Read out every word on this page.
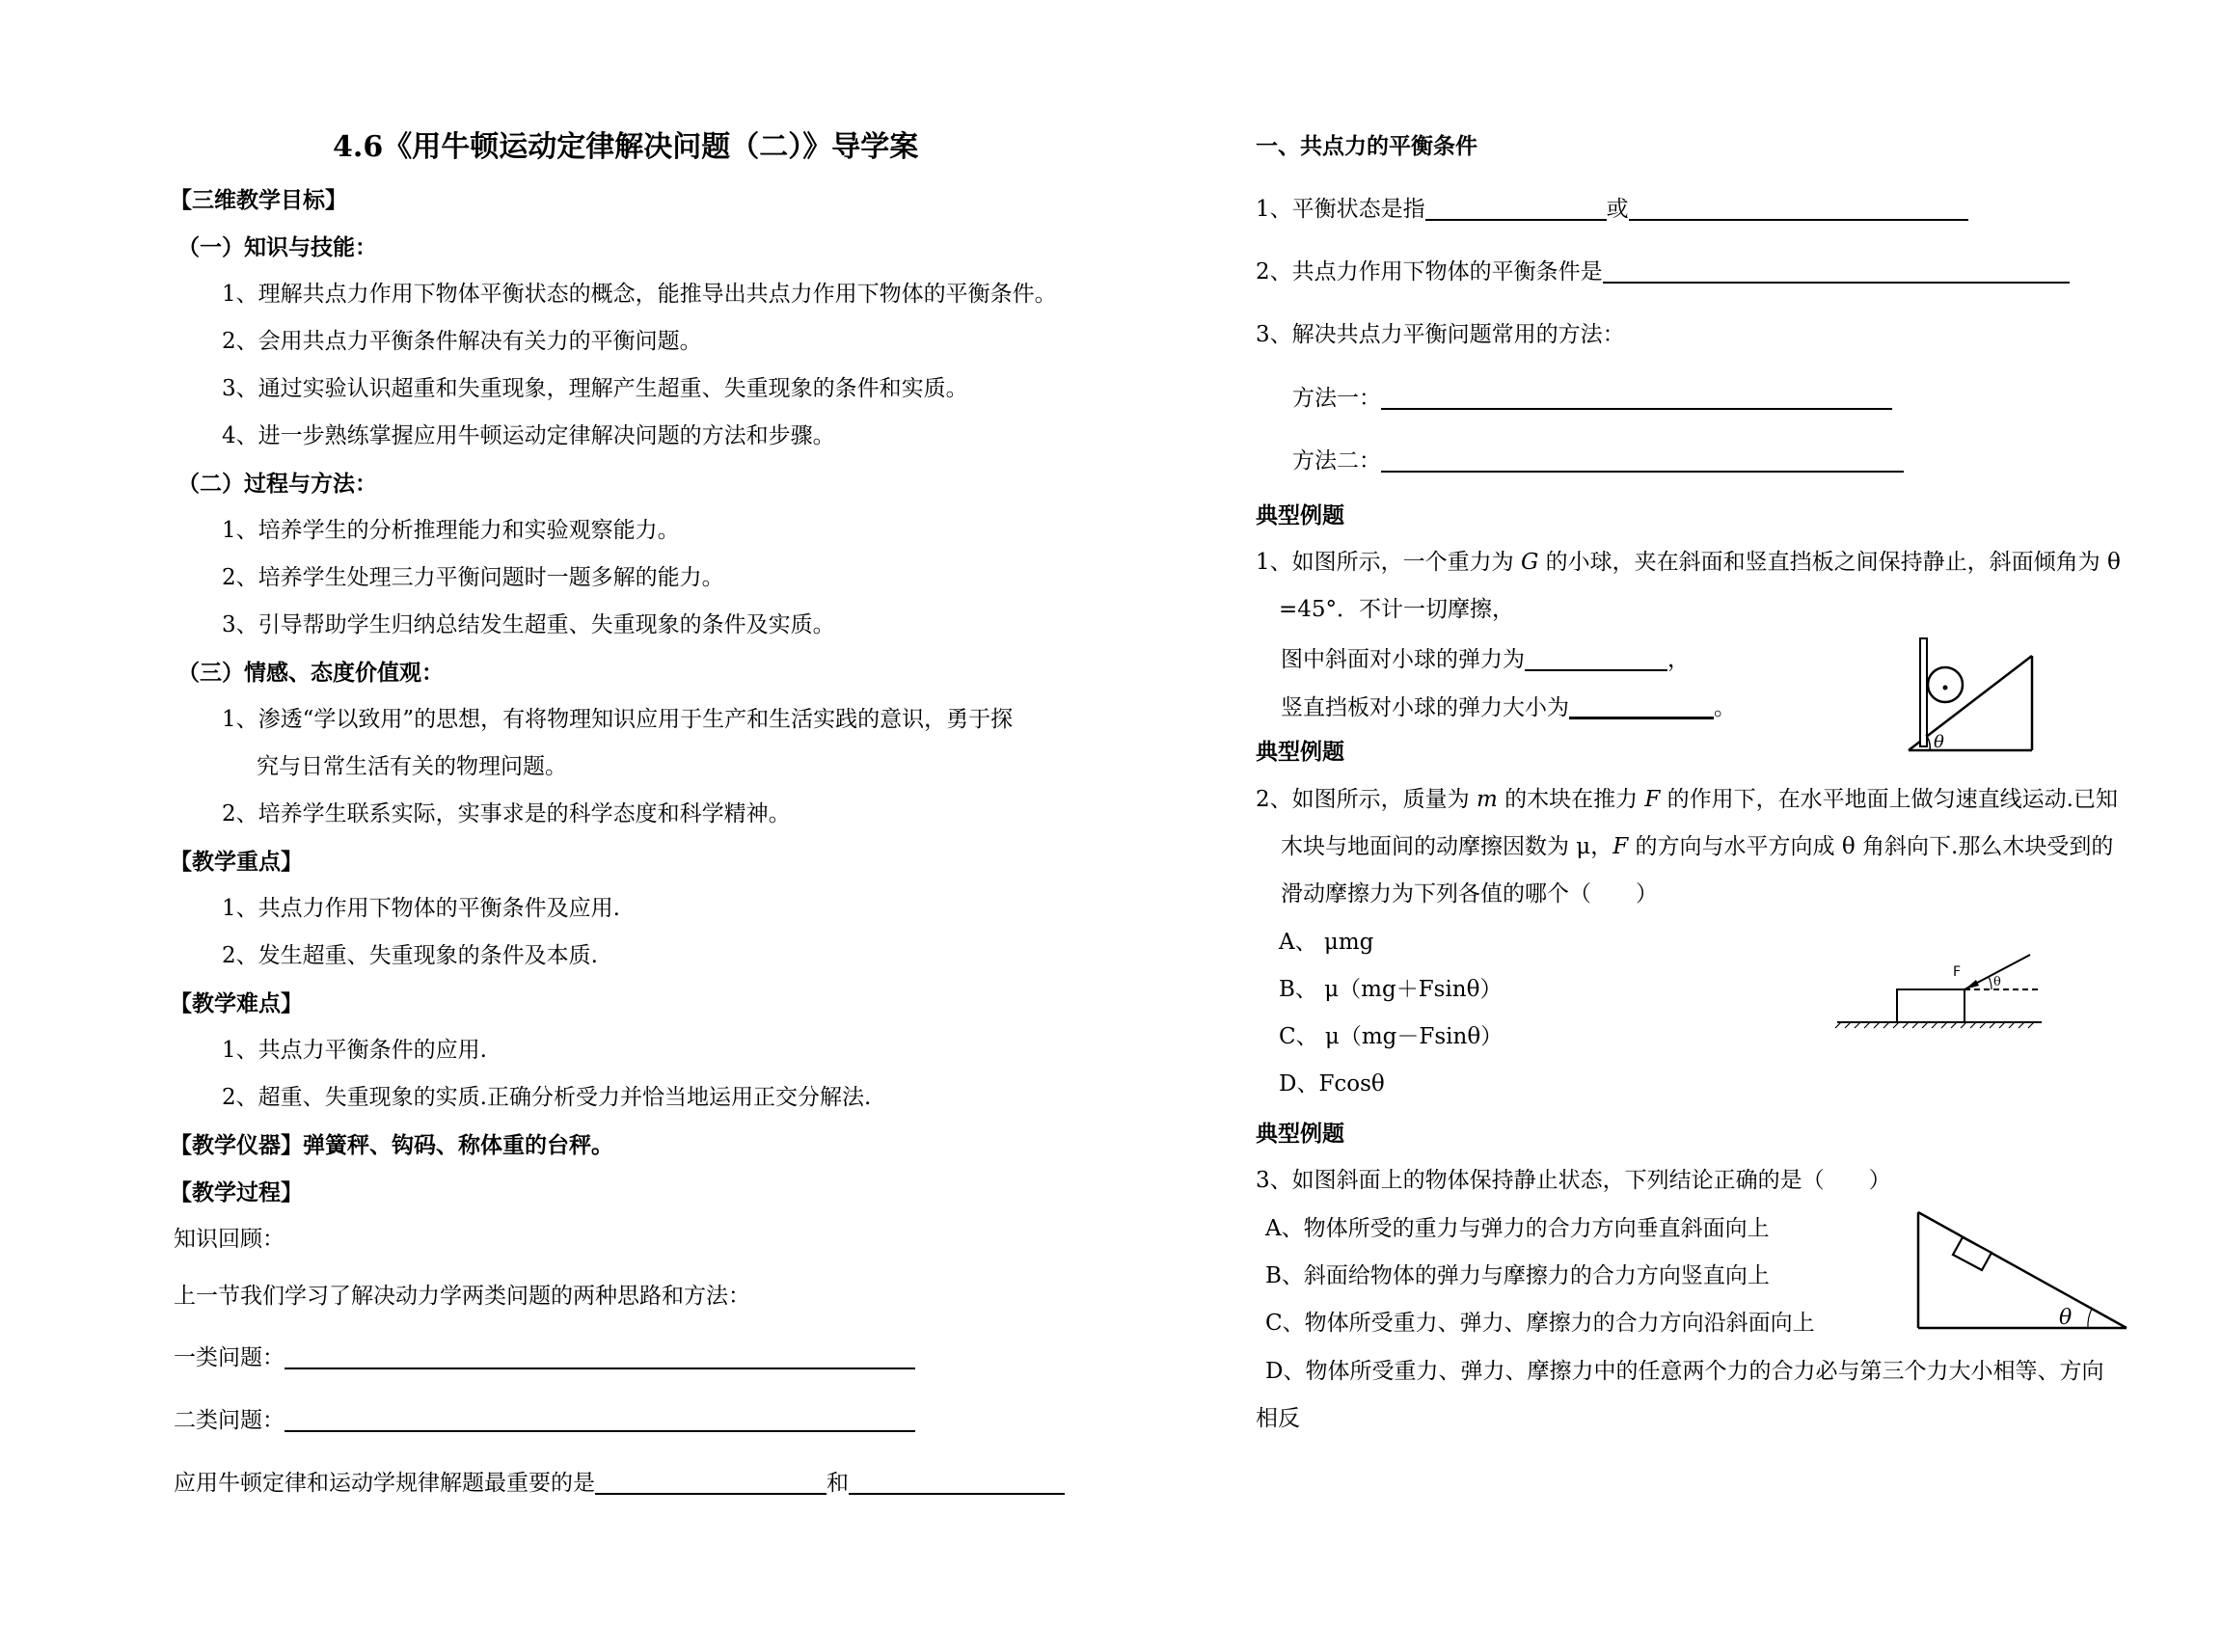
4.6《用牛顿运动定律解决问题（二）》导学案
【三维教学目标】
（一）知识与技能：
1、理解共点力作用下物体平衡状态的概念，能推导出共点力作用下物体的平衡条件。
2、会用共点力平衡条件解决有关力的平衡问题。
3、通过实验认识超重和失重现象，理解产生超重、失重现象的条件和实质。
4、进一步熟练掌握应用牛顿运动定律解决问题的方法和步骤。
（二）过程与方法：
1、培养学生的分析推理能力和实验观察能力。
2、培养学生处理三力平衡问题时一题多解的能力。
3、引导帮助学生归纳总结发生超重、失重现象的条件及实质。
（三）情感、态度价值观：
1、渗透“学以致用”的思想，有将物理知识应用于生产和生活实践的意识，勇于探
究与日常生活有关的物理问题。
2、培养学生联系实际，实事求是的科学态度和科学精神。
【教学重点】
1、共点力作用下物体的平衡条件及应用.
2、发生超重、失重现象的条件及本质.
【教学难点】
1、共点力平衡条件的应用.
2、超重、失重现象的实质.正确分析受力并恰当地运用正交分解法.
【教学仪器】弹簧秤、钩码、称体重的台秤。
【教学过程】
知识回顾：
上一节我们学习了解决动力学两类问题的两种思路和方法：
一类问题：
二类问题：
应用牛顿定律和运动学规律解题最重要的是	和
一、共点力的平衡条件
1、平衡状态是指	或
2、共点力作用下物体的平衡条件是
3、解决共点力平衡问题常用的方法：
方法一：
方法二：
典型例题
1、如图所示，一个重力为 G 的小球，夹在斜面和竖直挡板之间保持静止，斜面倾角为 θ
=45°．不计一切摩擦，
图中斜面对小球的弹力为	，
竖直挡板对小球的弹力大小为	。
θ
典型例题
2、如图所示，质量为 m 的木块在推力 F 的作用下，在水平地面上做匀速直线运动.已知
木块与地面间的动摩擦因数为 μ，F 的方向与水平方向成 θ 角斜向下.那么木块受到的
滑动摩擦力为下列各值的哪个（　　）
A、 μmg
B、 μ（mg＋Fsinθ）
C、 μ（mg－Fsinθ）
D、Fcosθ
F
θ
典型例题
3、如图斜面上的物体保持静止状态，下列结论正确的是（　　）
A、物体所受的重力与弹力的合力方向垂直斜面向上
B、斜面给物体的弹力与摩擦力的合力方向竖直向上
C、物体所受重力、弹力、摩擦力的合力方向沿斜面向上
D、物体所受重力、弹力、摩擦力中的任意两个力的合力必与第三个力大小相等、方向
相反
θ
